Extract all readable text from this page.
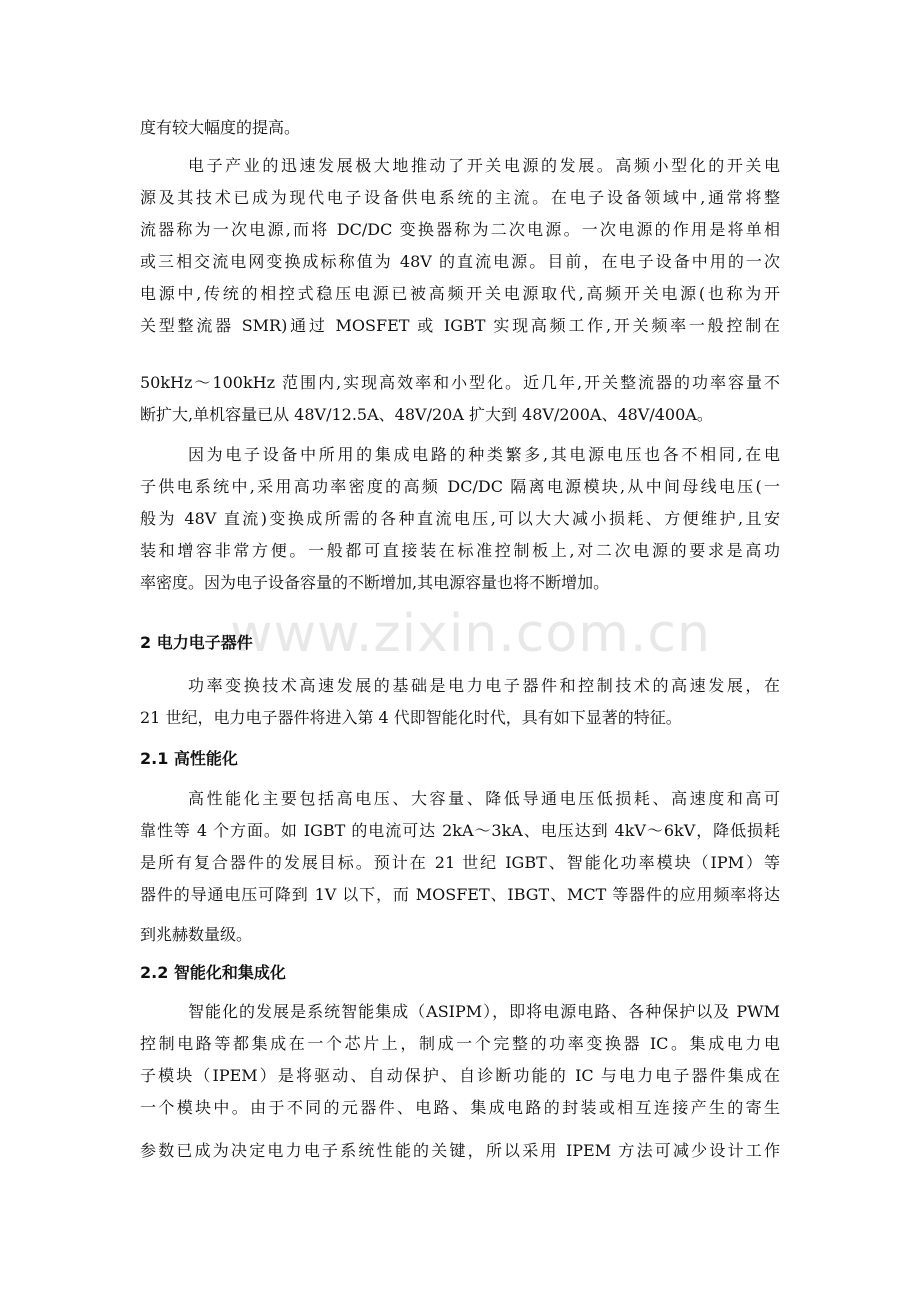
www.zixin.com.cn
度有较大幅度的提高。
电子产业的迅速发展极大地推动了开关电源的发展。高频小型化的开关电
源及其技术已成为现代电子设备供电系统的主流。在电子设备领域中,通常将整
流器称为一次电源,而将 DC/DC 变换器称为二次电源。一次电源的作用是将单相
或三相交流电网变换成标称值为 48V 的直流电源。目前，在电子设备中用的一次
电源中,传统的相控式稳压电源已被高频开关电源取代,高频开关电源(也称为开
关型整流器 SMR)通过 MOSFET 或 IGBT 实现高频工作,开关频率一般控制在
50kHz～100kHz 范围内,实现高效率和小型化。近几年,开关整流器的功率容量不
断扩大,单机容量已从 48V/12.5A、48V/20A 扩大到 48V/200A、48V/400A。
因为电子设备中所用的集成电路的种类繁多,其电源电压也各不相同,在电
子供电系统中,采用高功率密度的高频 DC/DC 隔离电源模块,从中间母线电压(一
般为 48V 直流)变换成所需的各种直流电压,可以大大减小损耗、方便维护,且安
装和增容非常方便。一般都可直接装在标准控制板上,对二次电源的要求是高功
率密度。因为电子设备容量的不断增加,其电源容量也将不断增加。
2 电力电子器件
功率变换技术高速发展的基础是电力电子器件和控制技术的高速发展，在
21 世纪，电力电子器件将进入第 4 代即智能化时代，具有如下显著的特征。
2.1 高性能化
高性能化主要包括高电压、大容量、降低导通电压低损耗、高速度和高可
靠性等 4 个方面。如 IGBT 的电流可达 2kA～3kA、电压达到 4kV～6kV，降低损耗
是所有复合器件的发展目标。预计在 21 世纪 IGBT、智能化功率模块（IPM）等
器件的导通电压可降到 1V 以下，而 MOSFET、IBGT、MCT 等器件的应用频率将达
到兆赫数量级。
2.2 智能化和集成化
智能化的发展是系统智能集成（ASIPM），即将电源电路、各种保护以及 PWM
控制电路等都集成在一个芯片上，制成一个完整的功率变换器 IC。集成电力电
子模块（IPEM）是将驱动、自动保护、自诊断功能的 IC 与电力电子器件集成在
一个模块中。由于不同的元器件、电路、集成电路的封装或相互连接产生的寄生
参数已成为决定电力电子系统性能的关键，所以采用 IPEM 方法可减少设计工作
